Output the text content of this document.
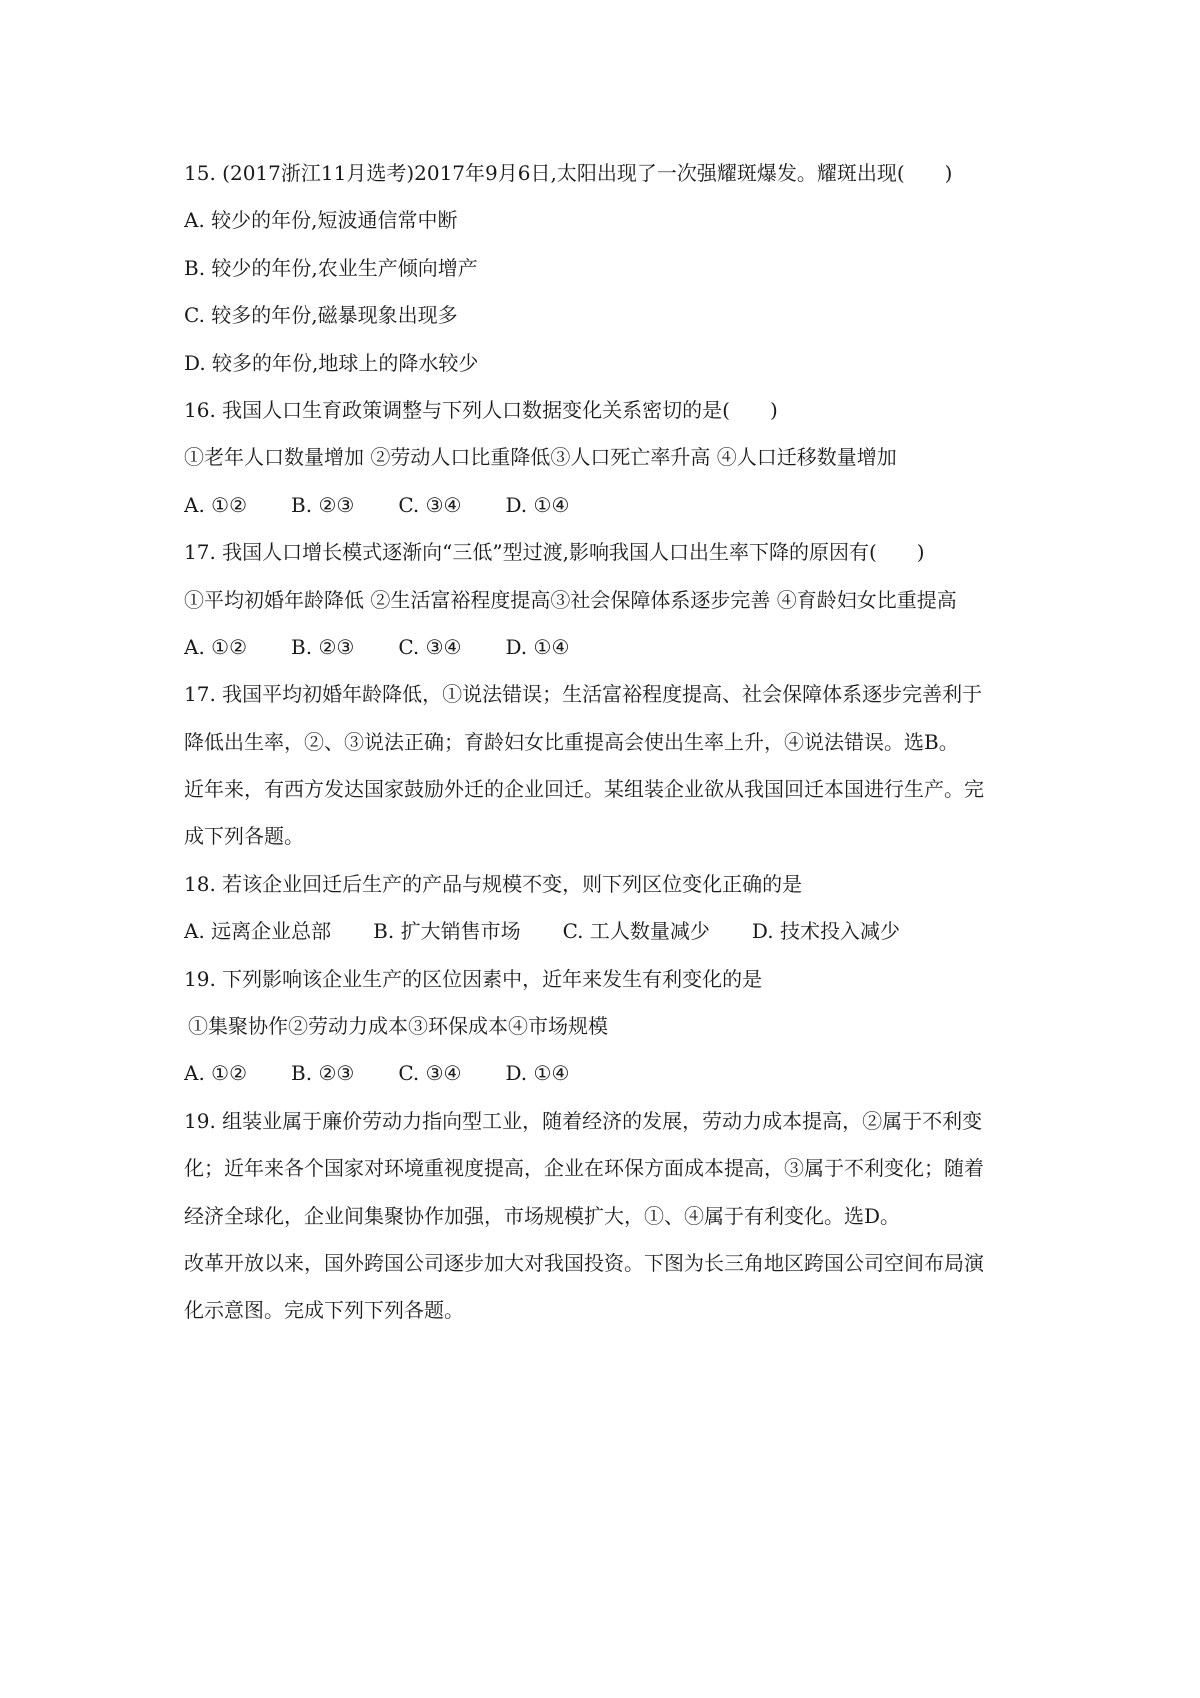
15. (2017浙江11月选考)2017年9月6日,太阳出现了一次强耀斑爆发。耀斑出现(　　)
A. 较少的年份,短波通信常中断
B. 较少的年份,农业生产倾向增产
C. 较多的年份,磁暴现象出现多
D. 较多的年份,地球上的降水较少
16. 我国人口生育政策调整与下列人口数据变化关系密切的是(　　)
①老年人口数量增加 ②劳动人口比重降低③人口死亡率升高 ④人口迁移数量增加
A. ①② B. ②③ C. ③④ D. ①④
17. 我国人口增长模式逐渐向“三低”型过渡,影响我国人口出生率下降的原因有(　　)
①平均初婚年龄降低 ②生活富裕程度提高③社会保障体系逐步完善 ④育龄妇女比重提高
A. ①② B. ②③ C. ③④ D. ①④
17. 我国平均初婚年龄降低，①说法错误；生活富裕程度提高、社会保障体系逐步完善利于
降低出生率，②、③说法正确；育龄妇女比重提高会使出生率上升，④说法错误。选B。
近年来，有西方发达国家鼓励外迁的企业回迁。某组装企业欲从我国回迁本国进行生产。完
成下列各题。
18. 若该企业回迁后生产的产品与规模不变，则下列区位变化正确的是
A. 远离企业总部 B. 扩大销售市场 C. 工人数量减少 D. 技术投入减少
19. 下列影响该企业生产的区位因素中，近年来发生有利变化的是
①集聚协作②劳动力成本③环保成本④市场规模
A. ①② B. ②③ C. ③④ D. ①④
19. 组装业属于廉价劳动力指向型工业，随着经济的发展，劳动力成本提高，②属于不利变
化；近年来各个国家对环境重视度提高，企业在环保方面成本提高，③属于不利变化；随着
经济全球化，企业间集聚协作加强，市场规模扩大，①、④属于有利变化。选D。
改革开放以来，国外跨国公司逐步加大对我国投资。下图为长三角地区跨国公司空间布局演
化示意图。完成下列下列各题。
